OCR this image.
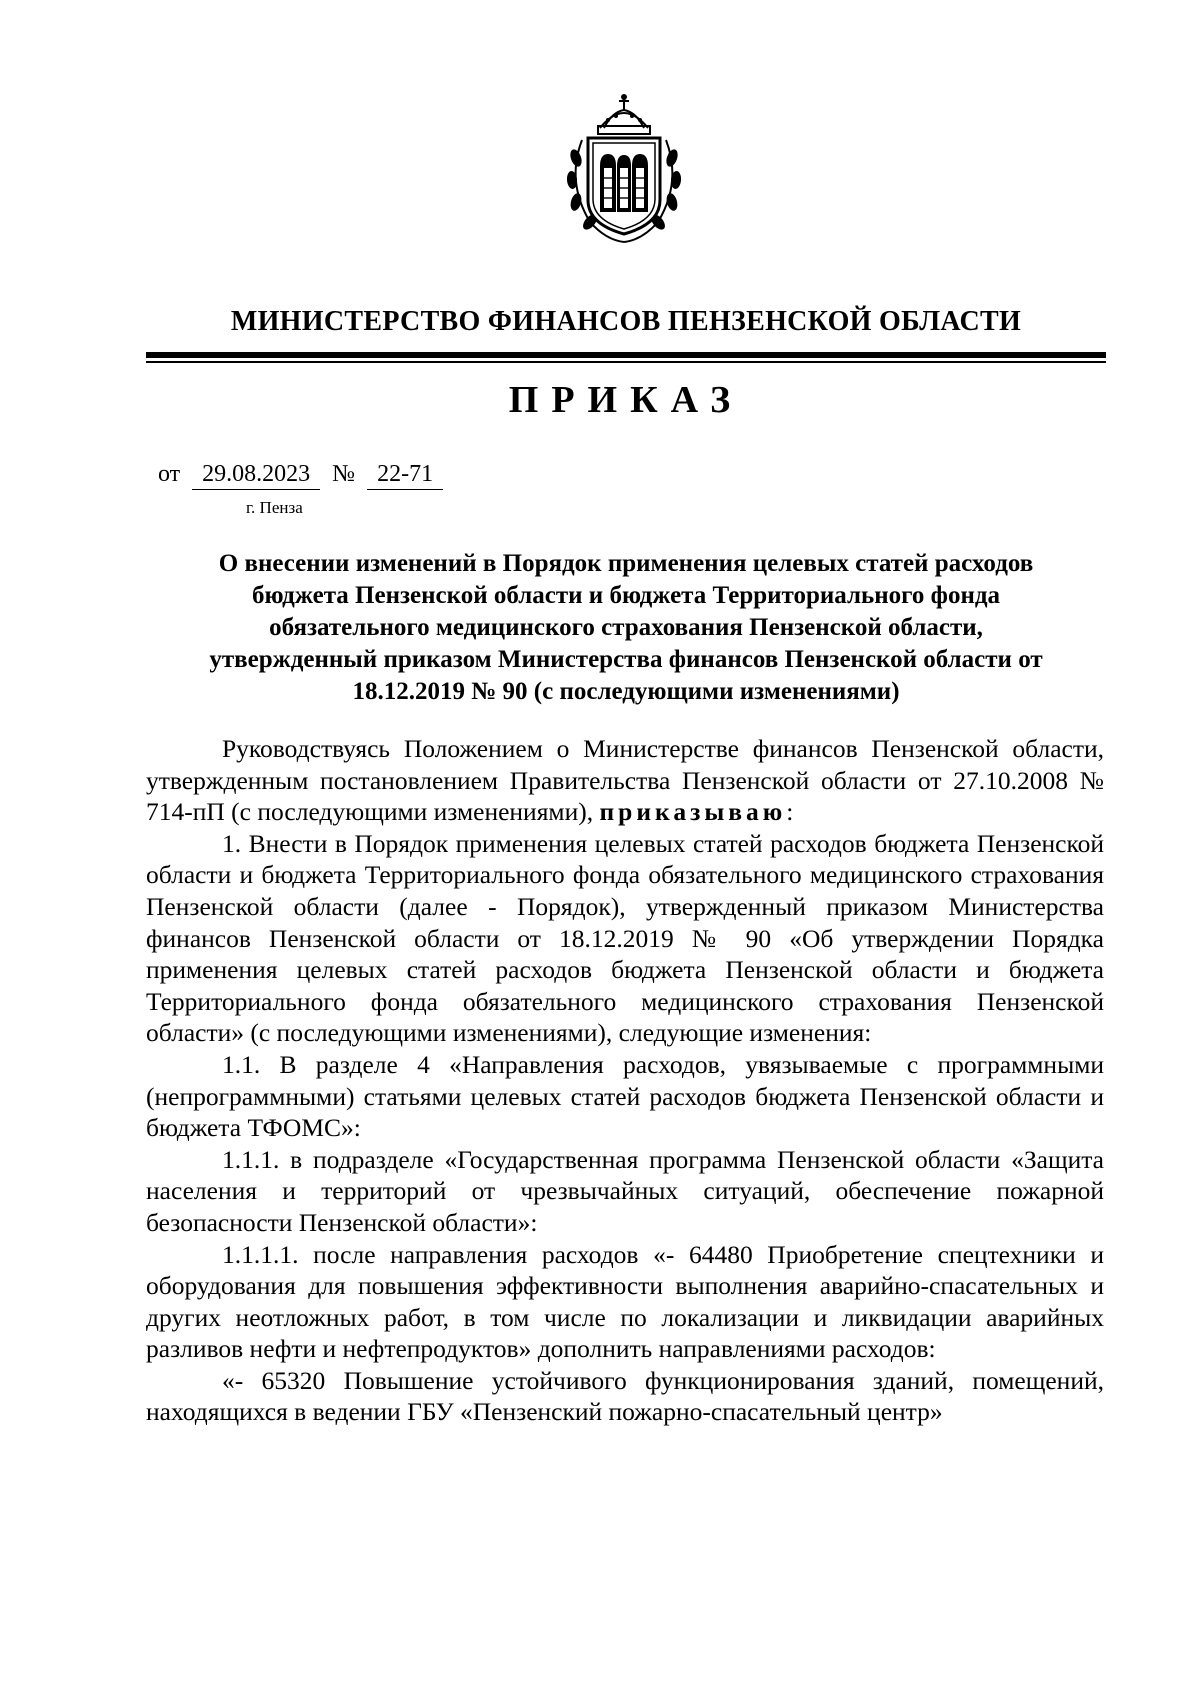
МИНИСТЕРСТВО ФИНАНСОВ ПЕНЗЕНСКОЙ ОБЛАСТИ
ПРИКАЗ
от 29.08.2023 № 22-71
г. Пенза
О внесении изменений в Порядок применения целевых статей расходов
бюджета Пензенской области и бюджета Территориального фонда
обязательного медицинского страхования Пензенской области,
утвержденный приказом Министерства финансов Пензенской области от
18.12.2019 № 90 (с последующими изменениями)

Руководствуясь Положением о Министерстве финансов Пензенской области, утвержденным постановлением Правительства Пензенской области от 27.10.2008 № 714-пП (с последующими изменениями), приказываю:

1. Внести в Порядок применения целевых статей расходов бюджета Пензенской области и бюджета Территориального фонда обязательного медицинского страхования Пензенской области (далее - Порядок), утвержденный приказом Министерства финансов Пензенской области от 18.12.2019 № 90 «Об утверждении Порядка применения целевых статей расходов бюджета Пензенской области и бюджета Территориального фонда обязательного медицинского страхования Пензенской области» (с последующими изменениями), следующие изменения:

1.1. В разделе 4 «Направления расходов, увязываемые с программными (непрограммными) статьями целевых статей расходов бюджета Пензенской области и бюджета ТФОМС»:

1.1.1. в подразделе «Государственная программа Пензенской области «Защита населения и территорий от чрезвычайных ситуаций, обеспечение пожарной безопасности Пензенской области»:

1.1.1.1. после направления расходов «- 64480 Приобретение спецтехники и оборудования для повышения эффективности выполнения аварийно-спасательных и других неотложных работ, в том числе по локализации и ликвидации аварийных разливов нефти и нефтепродуктов» дополнить направлениями расходов:

«- 65320 Повышение устойчивого функционирования зданий, помещений, находящихся в ведении ГБУ «Пензенский пожарно-спасательный центр»
